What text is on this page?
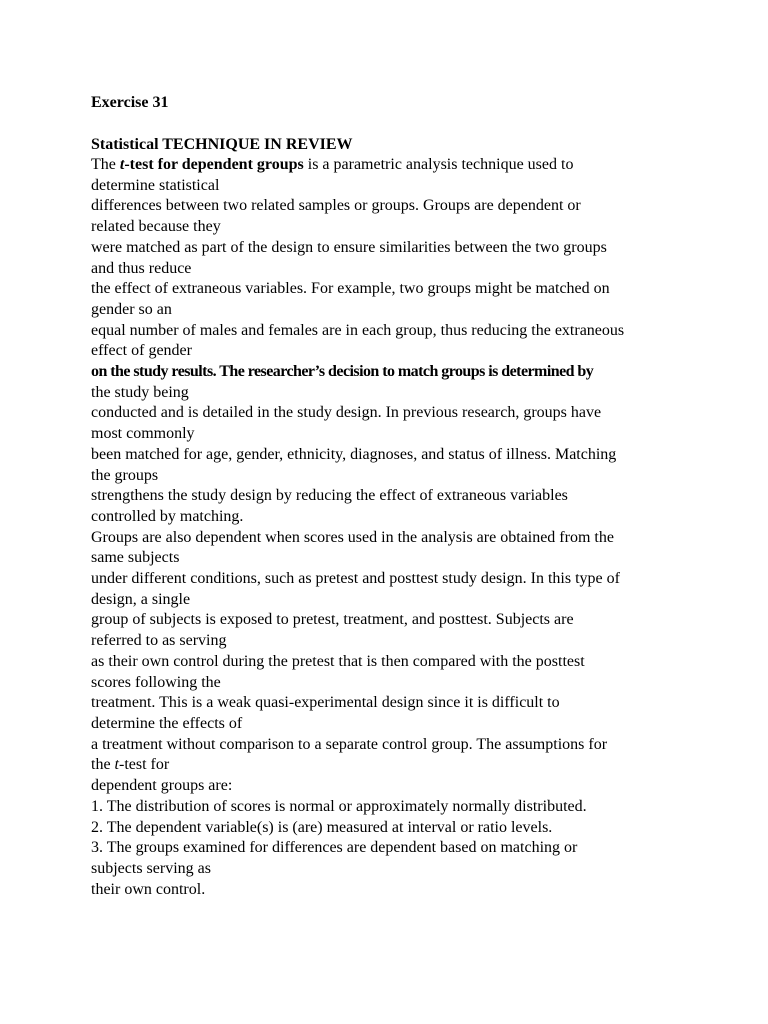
Exercise 31

Statistical TECHNIQUE IN REVIEW

The t-test for dependent groups is a parametric analysis technique used to

determine statistical

differences between two related samples or groups. Groups are dependent or

related because they

were matched as part of the design to ensure similarities between the two groups

and thus reduce

the effect of extraneous variables. For example, two groups might be matched on

gender so an

equal number of males and females are in each group, thus reducing the extraneous

effect of gender

on the study results. The researcher’s decision to match groups is determined by

the study being

conducted and is detailed in the study design. In previous research, groups have

most commonly

been matched for age, gender, ethnicity, diagnoses, and status of illness. Matching

the groups

strengthens the study design by reducing the effect of extraneous variables

controlled by matching.

Groups are also dependent when scores used in the analysis are obtained from the

same subjects

under different conditions, such as pretest and posttest study design. In this type of

design, a single

group of subjects is exposed to pretest, treatment, and posttest. Subjects are

referred to as serving

as their own control during the pretest that is then compared with the posttest

scores following the

treatment. This is a weak quasi-experimental design since it is difficult to

determine the effects of

a treatment without comparison to a separate control group. The assumptions for

the t-test for

dependent groups are:

1. The distribution of scores is normal or approximately normally distributed.

2. The dependent variable(s) is (are) measured at interval or ratio levels.

3. The groups examined for differences are dependent based on matching or

subjects serving as

their own control.
